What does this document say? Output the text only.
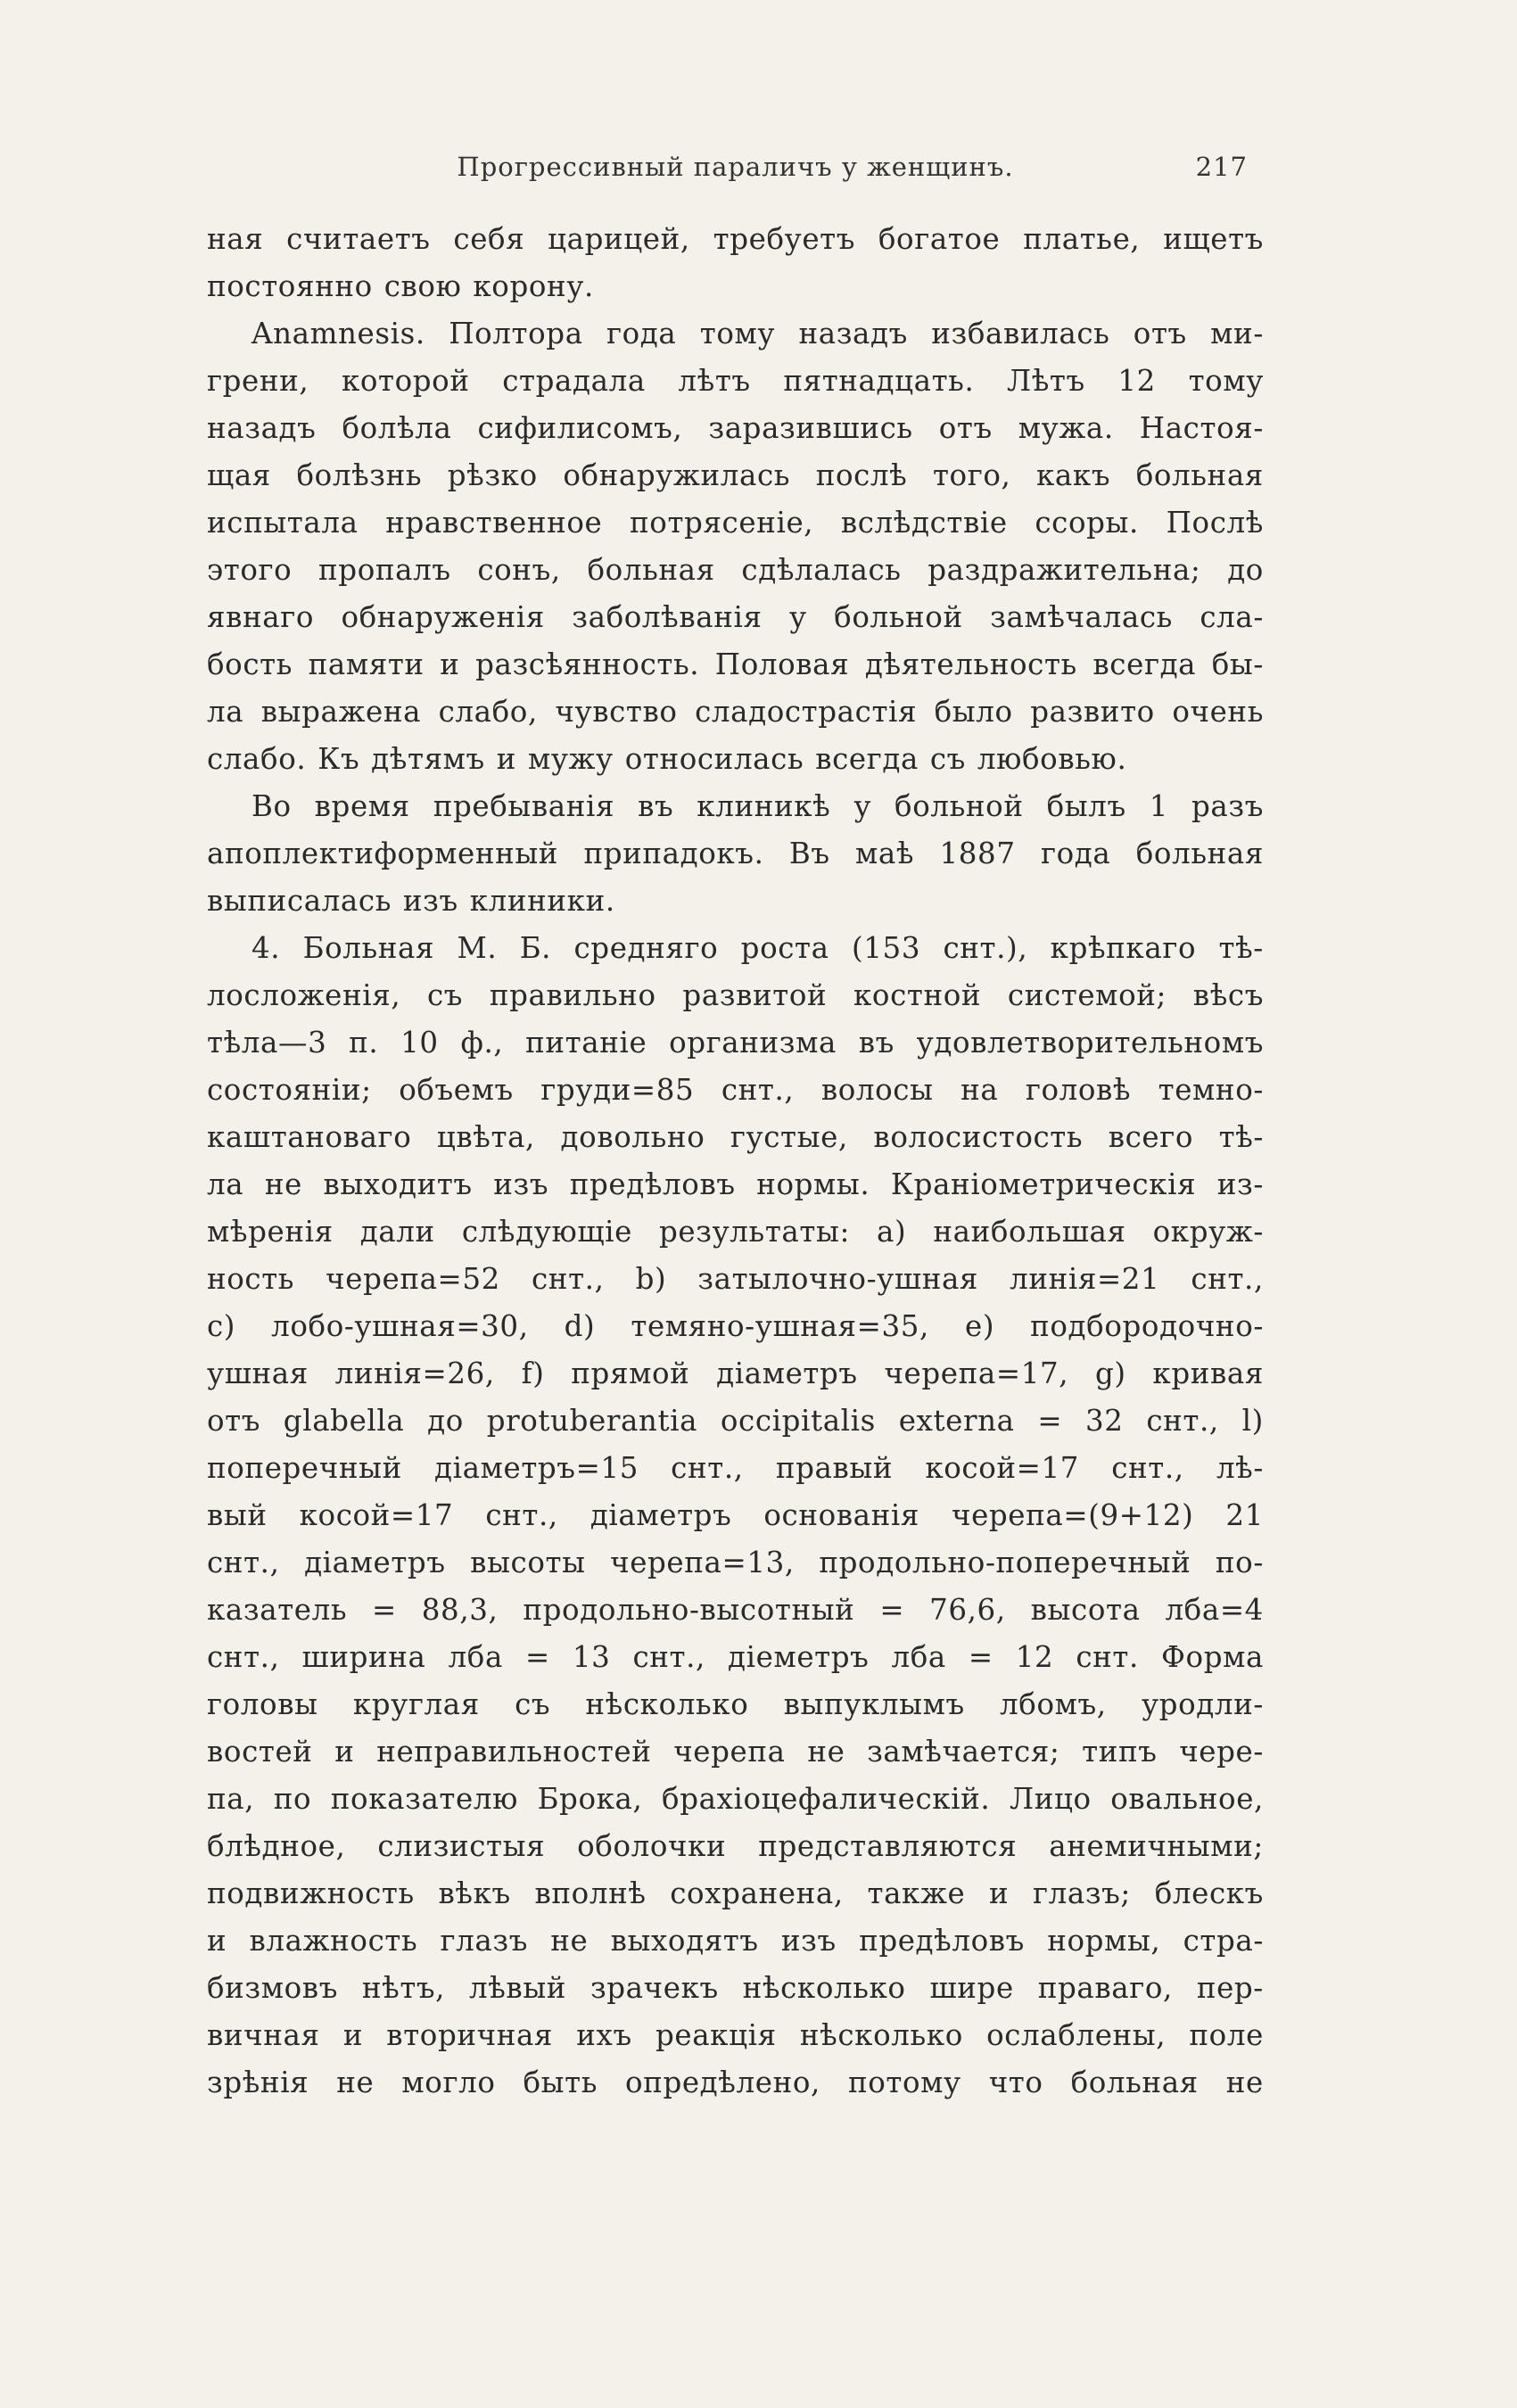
Прогрессивный параличъ у женщинъ.	217
ная считаетъ себя царицей, требуетъ богатое платье, ищетъ
постоянно свою корону.
Anamnesis. Полтора года тому назадъ избавилась отъ ми-
грени, которой страдала лѣтъ пятнадцать. Лѣтъ 12 тому
назадъ болѣла сифилисомъ, заразившись отъ мужа. Настоя-
щая болѣзнь рѣзко обнаружилась послѣ того, какъ больная
испытала нравственное потрясеніе, вслѣдствіе ссоры. Послѣ
этого пропалъ сонъ, больная сдѣлалась раздражительна; до
явнаго обнаруженія заболѣванія у больной замѣчалась сла-
бость памяти и разсѣянность. Половая дѣятельность всегда бы-
ла выражена слабо, чувство сладострастія было развито очень
слабо. Къ дѣтямъ и мужу относилась всегда съ любовью.
Во время пребыванія въ клиникѣ у больной былъ 1 разъ
апоплектиформенный припадокъ. Въ маѣ 1887 года больная
выписалась изъ клиники.
4. Больная М. Б. средняго роста (153 снт.), крѣпкаго тѣ-
лосложенія, съ правильно развитой костной системой; вѣсъ
тѣла—3 п. 10 ф., питаніе организма въ удовлетворительномъ
состояніи; объемъ груди=85 снт., волосы на головѣ темно-
каштановаго цвѣта, довольно густые, волосистость всего тѣ-
ла не выходитъ изъ предѣловъ нормы. Краніометрическія из-
мѣренія дали слѣдующіе результаты: a) наибольшая окруж-
ность черепа=52 снт., b) затылочно-ушная линія=21 снт.,
c) лобо-ушная=30, d) темяно-ушная=35, e) подбородочно-
ушная линія=26, f) прямой діаметръ черепа=17, g) кривая
отъ glabella до protuberantia occipitalis externa = 32 снт., l)
поперечный діаметръ=15 снт., правый косой=17 снт., лѣ-
вый косой=17 снт., діаметръ основанія черепа=(9+12) 21
снт., діаметръ высоты черепа=13, продольно-поперечный по-
казатель = 88,3, продольно-высотный = 76,6, высота лба=4
снт., ширина лба = 13 снт., діеметръ лба = 12 снт. Форма
головы круглая съ нѣсколько выпуклымъ лбомъ, уродли-
востей и неправильностей черепа не замѣчается; типъ чере-
па, по показателю Брока, брахіоцефалическій. Лицо овальное,
блѣдное, слизистыя оболочки представляются анемичными;
подвижность вѣкъ вполнѣ сохранена, также и глазъ; блескъ
и влажность глазъ не выходятъ изъ предѣловъ нормы, стра-
бизмовъ нѣтъ, лѣвый зрачекъ нѣсколько шире праваго, пер-
вичная и вторичная ихъ реакція нѣсколько ослаблены, поле
зрѣнія не могло быть опредѣлено, потому что больная не
